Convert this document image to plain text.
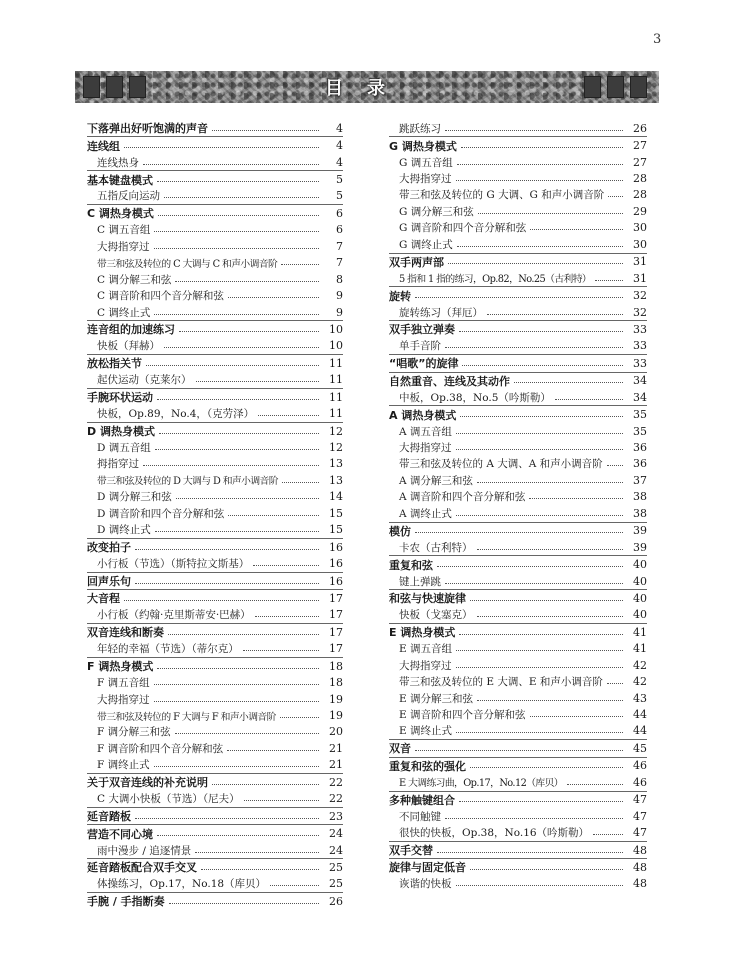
3
目录
下落弹出好听饱满的声音	4
连线组	4
连线热身	4
基本键盘模式	5
五指反向运动	5
C 调热身模式	6
C 调五音组	6
大拇指穿过	7
带三和弦及转位的 C 大调与 C 和声小调音阶	7
C 调分解三和弦	8
C 调音阶和四个音分解和弦	9
C 调终止式	9
连音组的加速练习	10
快板（拜赫）	10
放松指关节	11
起伏运动（克莱尔）	11
手腕环状运动	11
快板，Op.89，No.4，（克劳泽）	11
D 调热身模式	12
D 调五音组	12
拇指穿过	13
带三和弦及转位的 D 大调与 D 和声小调音阶	13
D 调分解三和弦	14
D 调音阶和四个音分解和弦	15
D 调终止式	15
改变拍子	16
小行板（节选）（斯特拉文斯基）	16
回声乐句	16
大音程	17
小行板（约翰·克里斯蒂安·巴赫）	17
双音连线和断奏	17
年轻的幸福（节选）（蒂尔克）	17
F 调热身模式	18
F 调五音组	18
大拇指穿过	19
带三和弦及转位的 F 大调与 F 和声小调音阶	19
F 调分解三和弦	20
F 调音阶和四个音分解和弦	21
F 调终止式	21
关于双音连线的补充说明	22
C 大调小快板（节选）（尼夫）	22
延音踏板	23
营造不同心境	24
雨中漫步 / 追逐情景	24
延音踏板配合双手交叉	25
体操练习，Op.17，No.18（库贝）	25
手腕 / 手指断奏	26
跳跃练习	26
G 调热身模式	27
G 调五音组	27
大拇指穿过	28
带三和弦及转位的 G 大调、G 和声小调音阶	28
G 调分解三和弦	29
G 调音阶和四个音分解和弦	30
G 调终止式	30
双手两声部	31
5 指和 1 指的练习，Op.82，No.25（古利特）	31
旋转	32
旋转练习（拜厄）	32
双手独立弹奏	33
单手音阶	33
“唱歌”的旋律	33
自然重音、连线及其动作	34
中板，Op.38，No.5（吟斯勒）	34
A 调热身模式	35
A 调五音组	35
大拇指穿过	36
带三和弦及转位的 A 大调、A 和声小调音阶	36
A 调分解三和弦	37
A 调音阶和四个音分解和弦	38
A 调终止式	38
模仿	39
卡农（古利特）	39
重复和弦	40
键上弹跳	40
和弦与快速旋律	40
快板（戈塞克）	40
E 调热身模式	41
E 调五音组	41
大拇指穿过	42
带三和弦及转位的 E 大调、E 和声小调音阶	42
E 调分解三和弦	43
E 调音阶和四个音分解和弦	44
E 调终止式	44
双音	45
重复和弦的强化	46
E 大调练习曲，Op.17，No.12（库贝）	46
多种触键组合	47
不同触键	47
很快的快板，Op.38，No.16（吟斯勒）	47
双手交替	48
旋律与固定低音	48
诙谐的快板	48
